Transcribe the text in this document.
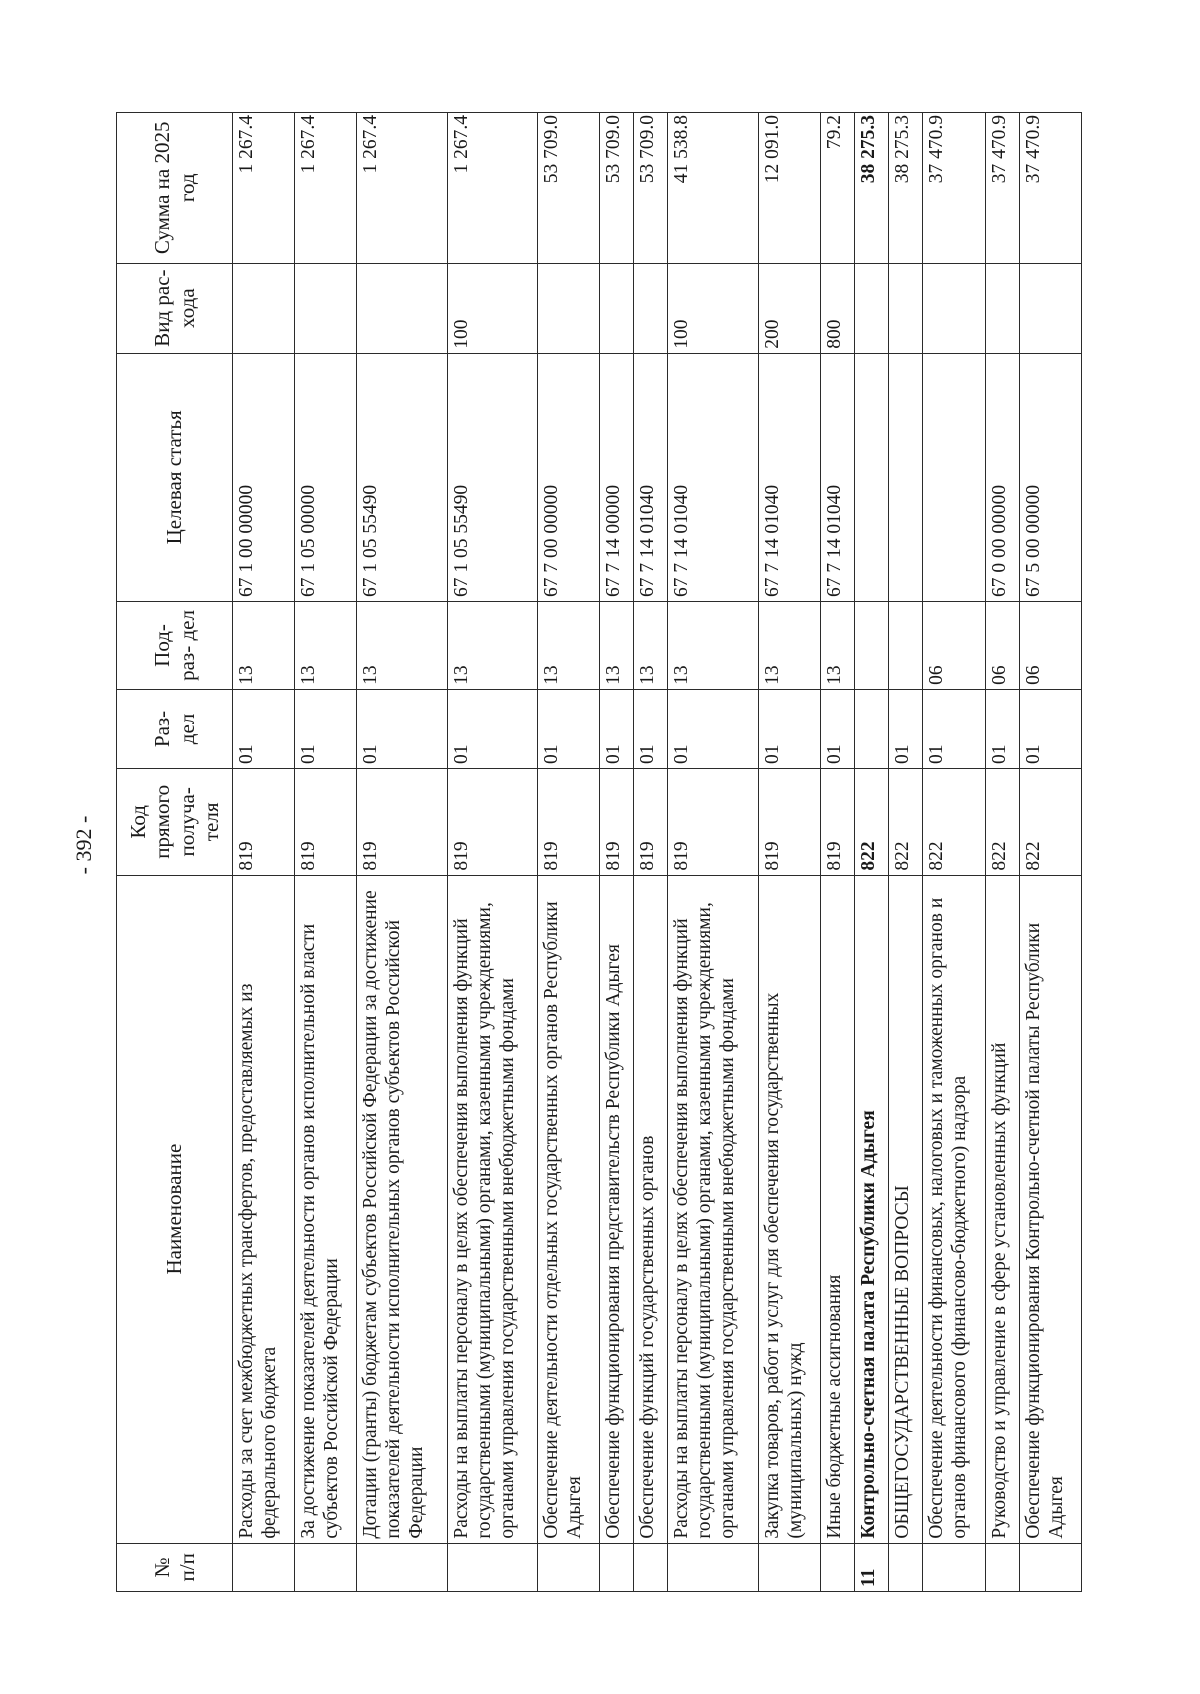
- 392 -
№ п/п	Наименование	Код прямого получа- теля	Раз- дел	Под- раз- дел	Целевая статья	Вид рас- хода	Сумма на 2025 год
	Расходы за счет межбюджетных трансфертов, предоставляемых из федерального бюджета	819	01	13	67 1 00 00000		1 267.4
	За достижение показателей деятельности органов исполнительной власти субъектов Российской Федерации	819	01	13	67 1 05 00000		1 267.4
	Дотации (гранты) бюджетам субъектов Российской Федерации за достижение показателей деятельности исполнительных органов субъектов Российской Федерации	819	01	13	67 1 05 55490		1 267.4
	Расходы на выплаты персоналу в целях обеспечения выполнения функций государственными (муниципальными) органами, казенными учреждениями, органами управления государственными внебюджетными фондами	819	01	13	67 1 05 55490	100	1 267.4
	Обеспечение деятельности отдельных государственных органов Республики Адыгея	819	01	13	67 7 00 00000		53 709.0
	Обеспечение функционирования представительств Республики Адыгея	819	01	13	67 7 14 00000		53 709.0
	Обеспечение функций государственных органов	819	01	13	67 7 14 01040		53 709.0
	Расходы на выплаты персоналу в целях обеспечения выполнения функций государственными (муниципальными) органами, казенными учреждениями, органами управления государственными внебюджетными фондами	819	01	13	67 7 14 01040	100	41 538.8
	Закупка товаров, работ и услуг для обеспечения государственных (муниципальных) нужд	819	01	13	67 7 14 01040	200	12 091.0
	Иные бюджетные ассигнования	819	01	13	67 7 14 01040	800	79.2
11	Контрольно-счетная палата Республики Адыгея	822					38 275.3
	ОБЩЕГОСУДАРСТВЕННЫЕ ВОПРОСЫ	822	01				38 275.3
	Обеспечение деятельности финансовых, налоговых и таможенных органов и органов финансового (финансово-бюджетного) надзора	822	01	06			37 470.9
	Руководство и управление в сфере установленных функций	822	01	06	67 0 00 00000		37 470.9
	Обеспечение функционирования Контрольно-счетной палаты Республики Адыгея	822	01	06	67 5 00 00000		37 470.9
